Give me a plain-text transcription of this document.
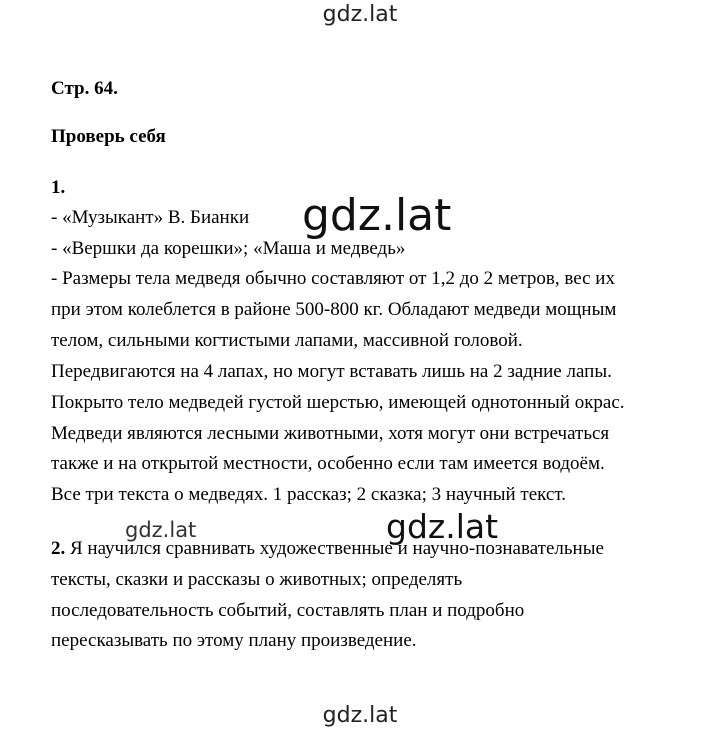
gdz.lat
Стр. 64.
Проверь себя
1.
- «Музыкант» В. Бианки
- «Вершки да корешки»; «Маша и медведь»
- Размеры тела медведя обычно составляют от 1,2 до 2 метров, вес их
при этом колеблется в районе 500-800 кг. Обладают медведи мощным
телом, сильными когтистыми лапами, массивной головой.
Передвигаются на 4 лапах, но могут вставать лишь на 2 задние лапы.
Покрыто тело медведей густой шерстью, имеющей однотонный окрас.
Медведи являются лесными животными, хотя могут они встречаться
также и на открытой местности, особенно если там имеется водоём.
Все три текста о медведях. 1 рассказ; 2 сказка; 3 научный текст.
2. Я научился сравнивать художественные и научно-познавательные
тексты, сказки и рассказы о животных; определять
последовательность событий, составлять план и подробно
пересказывать по этому плану произведение.
gdz.lat
gdz.lat	gdz.lat
gdz.lat
